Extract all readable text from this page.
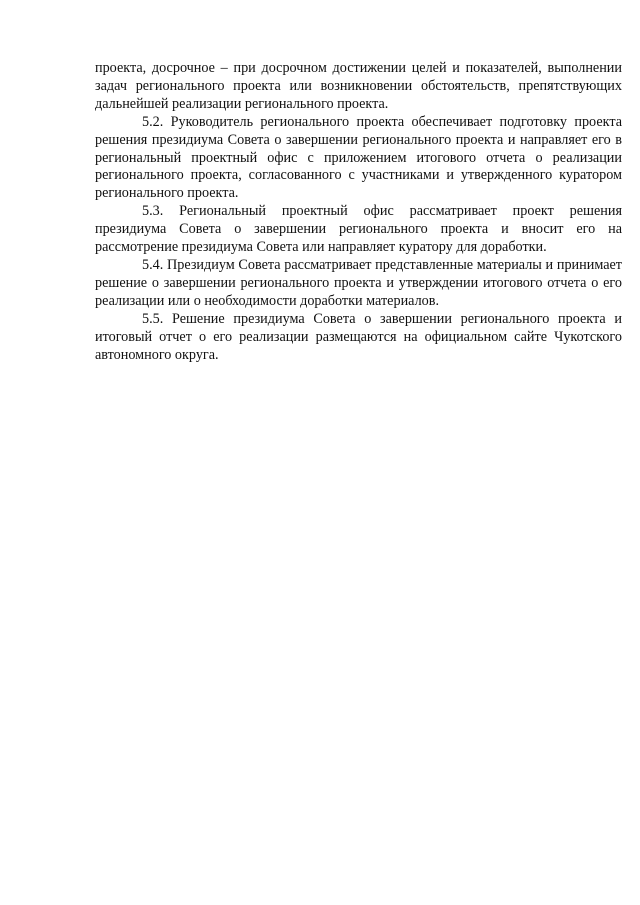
проекта, досрочное – при досрочном достижении целей и показателей, выполнении задач регионального проекта или возникновении обстоятельств, препятствующих дальнейшей реализации регионального проекта.

5.2. Руководитель регионального проекта обеспечивает подготовку проекта решения президиума Совета о завершении регионального проекта и направляет его в региональный проектный офис с приложением итогового отчета о реализации регионального проекта, согласованного с участниками и утвержденного куратором регионального проекта.

5.3. Региональный проектный офис рассматривает проект решения президиума Совета о завершении регионального проекта и вносит его на рассмотрение президиума Совета или направляет куратору для доработки.

5.4. Президиум Совета рассматривает представленные материалы и принимает решение о завершении регионального проекта и утверждении итогового отчета о его реализации или о необходимости доработки материалов.

5.5. Решение президиума Совета о завершении регионального проекта и итоговый отчет о его реализации размещаются на официальном сайте Чукотского автономного округа.
